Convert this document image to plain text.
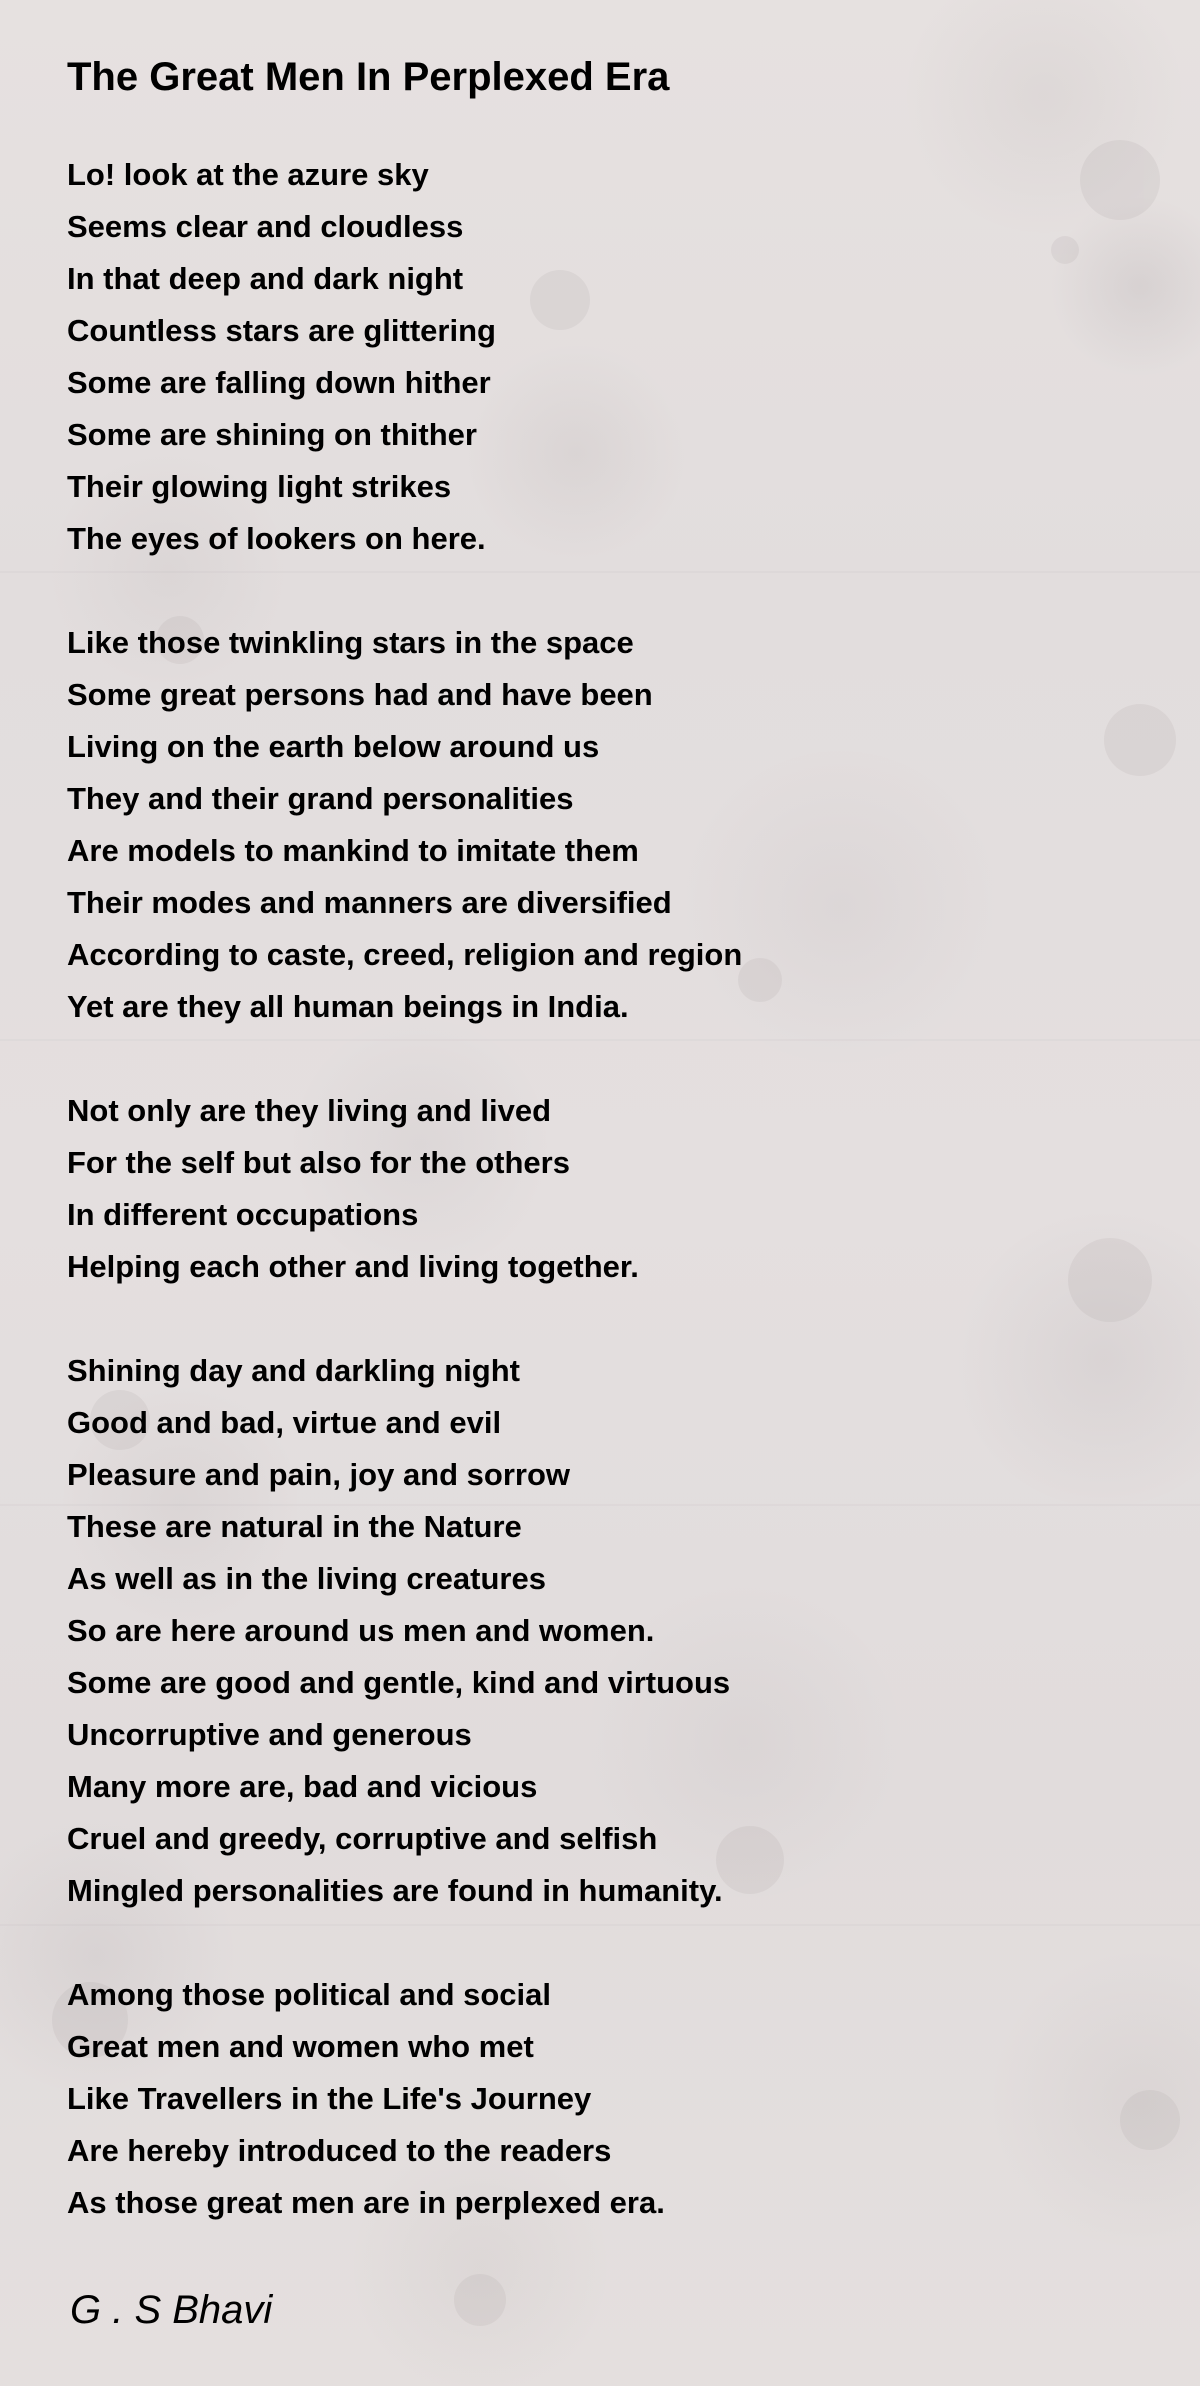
The Great Men In Perplexed Era
Lo! look at the azure sky
Seems clear and cloudless
In that deep and dark night
Countless stars are glittering
Some are falling down hither
Some are shining on thither
Their glowing light strikes
The eyes of lookers on here.
Like those twinkling stars in the space
Some great persons had and have been
Living on the earth below around us
They and their grand personalities
Are models to mankind to imitate them
Their modes and manners are diversified
According to caste, creed, religion and region
Yet are they all human beings in India.
Not only are they living and lived
For the self but also for the others
In different occupations
Helping each other and living together.
Shining day and darkling night
Good and bad, virtue and evil
Pleasure and pain, joy and sorrow
These are natural in the Nature
As well as in the living creatures
So are here around us men and women.
Some are good and gentle, kind and virtuous
Uncorruptive and generous
Many more are, bad and vicious
Cruel and greedy, corruptive and selfish
Mingled personalities are found in humanity.
Among those political and social
Great men and women who met
Like Travellers in the Life's Journey
Are hereby introduced to the readers
As those great men are in perplexed era.
G . S Bhavi
